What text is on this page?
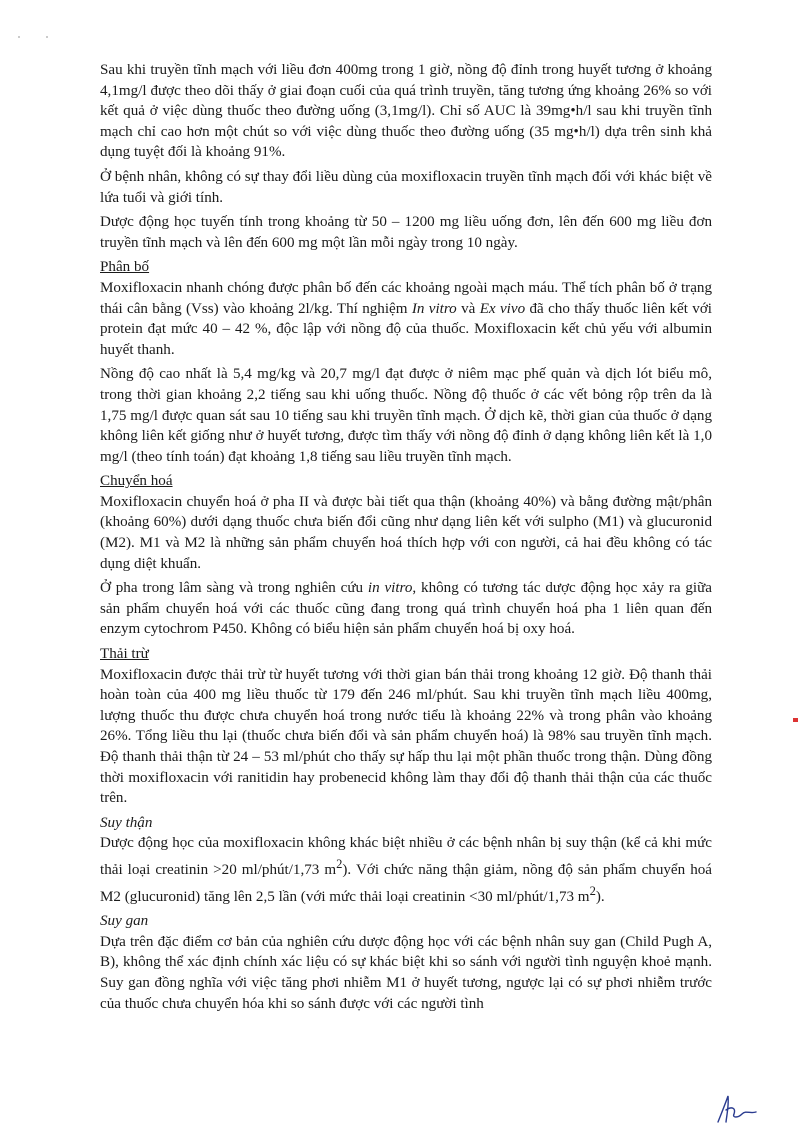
Sau khi truyền tĩnh mạch với liều đơn 400mg trong 1 giờ, nồng độ đỉnh trong huyết tương ở khoảng 4,1mg/l được theo dõi thấy ở giai đoạn cuối của quá trình truyền, tăng tương ứng khoảng 26% so với kết quả ở việc dùng thuốc theo đường uống (3,1mg/l). Chỉ số AUC là 39mg•h/l sau khi truyền tĩnh mạch chỉ cao hơn một chút so với việc dùng thuốc theo đường uống (35 mg•h/l) dựa trên sinh khả dụng tuyệt đối là khoảng 91%.

Ở bệnh nhân, không có sự thay đổi liều dùng của moxifloxacin truyền tĩnh mạch đối với khác biệt về lứa tuổi và giới tính.

Dược động học tuyến tính trong khoảng từ 50 – 1200 mg liều uống đơn, lên đến 600 mg liều đơn truyền tĩnh mạch và lên đến 600 mg một lần mỗi ngày trong 10 ngày.

Phân bố

Moxifloxacin nhanh chóng được phân bố đến các khoảng ngoài mạch máu. Thể tích phân bố ở trạng thái cân bằng (Vss) vào khoảng 2l/kg. Thí nghiệm In vitro và Ex vivo đã cho thấy thuốc liên kết với protein đạt mức 40 – 42 %, độc lập với nồng độ của thuốc. Moxifloxacin kết chủ yếu với albumin huyết thanh.

Nồng độ cao nhất là 5,4 mg/kg và 20,7 mg/l đạt được ở niêm mạc phế quản và dịch lót biểu mô, trong thời gian khoảng 2,2 tiếng sau khi uống thuốc. Nồng độ thuốc ở các vết bỏng rộp trên da là 1,75 mg/l được quan sát sau 10 tiếng sau khi truyền tĩnh mạch. Ở dịch kẽ, thời gian của thuốc ở dạng không liên kết giống như ở huyết tương, được tìm thấy với nồng độ đỉnh ở dạng không liên kết là 1,0 mg/l (theo tính toán) đạt khoảng 1,8 tiếng sau liều truyền tĩnh mạch.

Chuyển hoá

Moxifloxacin chuyển hoá ở pha II và được bài tiết qua thận (khoảng 40%) và bằng đường mật/phân (khoảng 60%) dưới dạng thuốc chưa biến đổi cũng như dạng liên kết với sulpho (M1) và glucuronid (M2). M1 và M2 là những sản phẩm chuyển hoá thích hợp với con người, cả hai đều không có tác dụng diệt khuẩn.

Ở pha trong lâm sàng và trong nghiên cứu in vitro, không có tương tác dược động học xảy ra giữa sản phẩm chuyển hoá với các thuốc cũng đang trong quá trình chuyển hoá pha 1 liên quan đến enzym cytochrom P450. Không có biểu hiện sản phẩm chuyển hoá bị oxy hoá.

Thải trừ

Moxifloxacin được thải trừ từ huyết tương với thời gian bán thải trong khoảng 12 giờ. Độ thanh thải hoàn toàn của 400 mg liều thuốc từ 179 đến 246 ml/phút. Sau khi truyền tĩnh mạch liều 400mg, lượng thuốc thu được chưa chuyển hoá trong nước tiểu là khoảng 22% và trong phân vào khoảng 26%. Tổng liều thu lại (thuốc chưa biến đổi và sản phẩm chuyển hoá) là 98% sau truyền tĩnh mạch. Độ thanh thải thận từ 24 – 53 ml/phút cho thấy sự hấp thu lại một phần thuốc trong thận. Dùng đồng thời moxifloxacin với ranitidin hay probenecid không làm thay đổi độ thanh thải thận của các thuốc trên.

Suy thận

Dược động học của moxifloxacin không khác biệt nhiều ở các bệnh nhân bị suy thận (kể cả khi mức thải loại creatinin >20 ml/phút/1,73 $m^2$). Với chức năng thận giảm, nồng độ sản phẩm chuyển hoá M2 (glucuronid) tăng lên 2,5 lần (với mức thải loại creatinin <30 ml/phút/1,73 $m^2$).

Suy gan

Dựa trên đặc điểm cơ bản của nghiên cứu dược động học với các bệnh nhân suy gan (Child Pugh A, B), không thể xác định chính xác liệu có sự khác biệt khi so sánh với người tình nguyện khoẻ mạnh. Suy gan đồng nghĩa với việc tăng phơi nhiễm M1 ở huyết tương, ngược lại có sự phơi nhiễm trước của thuốc chưa chuyển hóa khi so sánh được với các người tình
